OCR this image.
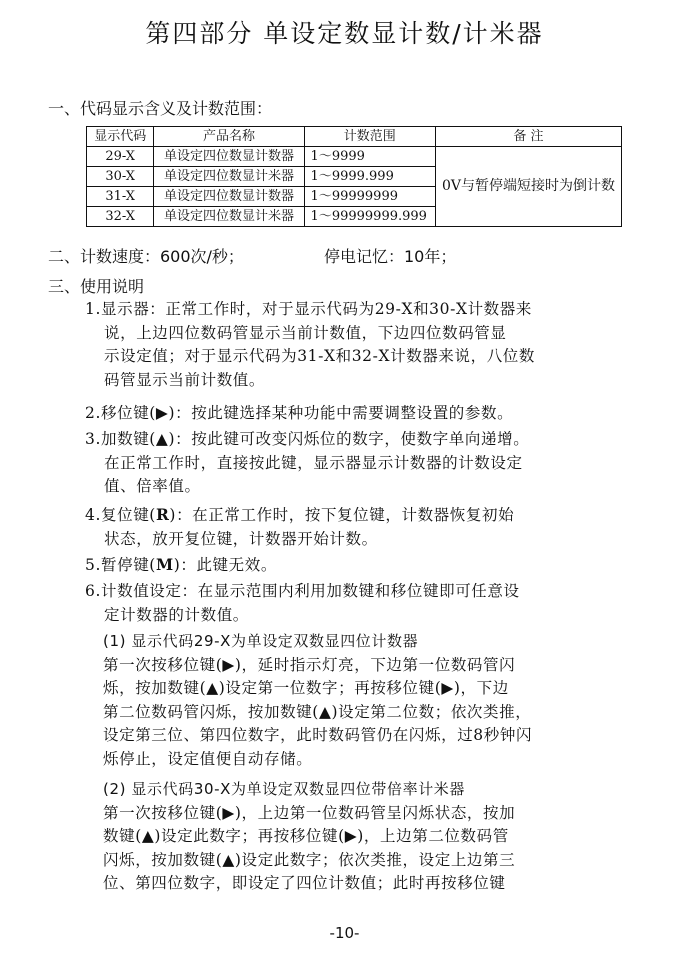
第四部分 单设定数显计数/计米器
一、代码显示含义及计数范围：
显示代码	产品名称	计数范围	备 注
29-X	单设定四位数显计数器	1～9999	0V与暂停端短接时为倒计数
30-X	单设定四位数显计米器	1～9999.999	
31-X	单设定四位数显计数器	1～99999999	
32-X	单设定四位数显计米器	1～99999999.999	
二、计数速度：600次/秒；	停电记忆：10年；
三、使用说明
1.显示器：正常工作时，对于显示代码为29-X和30-X计数器来
说，上边四位数码管显示当前计数值，下边四位数码管显
示设定值；对于显示代码为31-X和32-X计数器来说，八位数
码管显示当前计数值。
2.移位键(▶)：按此键选择某种功能中需要调整设置的参数。
3.加数键(▲)：按此键可改变闪烁位的数字，使数字单向递增。
在正常工作时，直接按此键，显示器显示计数器的计数设定
值、倍率值。
4.复位键(R)：在正常工作时，按下复位键，计数器恢复初始
状态，放开复位键，计数器开始计数。
5.暂停键(M)：此键无效。
6.计数值设定：在显示范围内利用加数键和移位键即可任意设
定计数器的计数值。
(1) 显示代码29-X为单设定双数显四位计数器
第一次按移位键(▶)，延时指示灯亮，下边第一位数码管闪
烁，按加数键(▲)设定第一位数字；再按移位键(▶)，下边
第二位数码管闪烁，按加数键(▲)设定第二位数；依次类推，
设定第三位、第四位数字，此时数码管仍在闪烁，过8秒钟闪
烁停止，设定值便自动存储。
(2) 显示代码30-X为单设定双数显四位带倍率计米器
第一次按移位键(▶)，上边第一位数码管呈闪烁状态，按加
数键(▲)设定此数字；再按移位键(▶)，上边第二位数码管
闪烁，按加数键(▲)设定此数字；依次类推，设定上边第三
位、第四位数字，即设定了四位计数值；此时再按移位键
-10-
